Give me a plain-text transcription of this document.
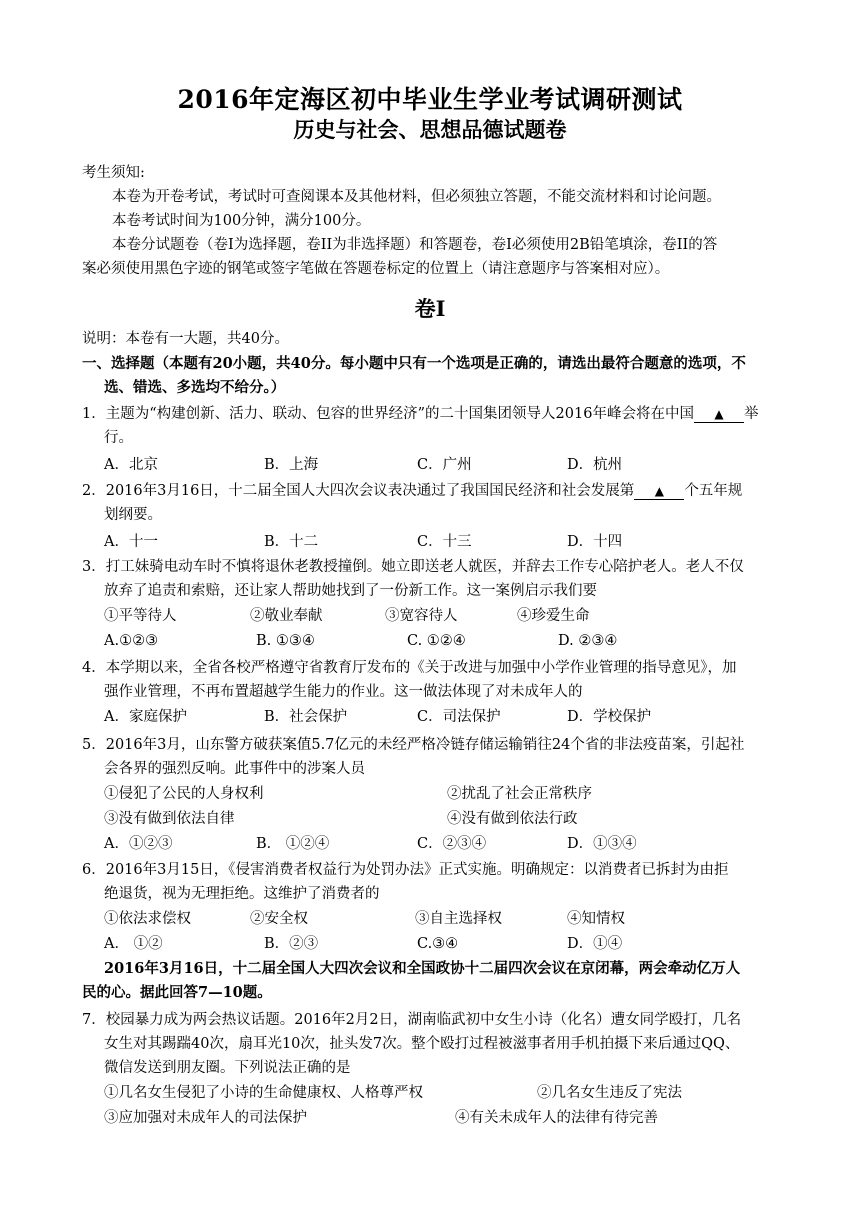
2016年定海区初中毕业生学业考试调研测试
历史与社会、思想品德试题卷
考生须知:
本卷为开卷考试，考试时可查阅课本及其他材料，但必须独立答题，不能交流材料和讨论问题。
本卷考试时间为100分钟，满分100分。
本卷分试题卷（卷I为选择题，卷II为非选择题）和答题卷，卷I必须使用2B铅笔填涂，卷II的答
案必须使用黑色字迹的钢笔或签字笔做在答题卷标定的位置上（请注意题序与答案相对应）。
卷I
说明：本卷有一大题，共40分。
一、选择题（本题有20小题，共40分。每小题中只有一个选项是正确的，请选出最符合题意的选项，不
选、错选、多选均不给分。）
1．主题为“构建创新、活力、联动、包容的世界经济”的二十国集团领导人2016年峰会将在中国 ▲ 举
行。
A．北京	B．上海	C．广州	D．杭州
2．2016年3月16日，十二届全国人大四次会议表决通过了我国国民经济和社会发展第 ▲ 个五年规
划纲要。
A．十一	B．十二	C．十三	D．十四
3．打工妹骑电动车时不慎将退休老教授撞倒。她立即送老人就医，并辞去工作专心陪护老人。老人不仅
放弃了追责和索赔，还让家人帮助她找到了一份新工作。这一案例启示我们要
①平等待人	②敬业奉献	③宽容待人	④珍爱生命
A.①②③	B. ①③④	C. ①②④	D. ②③④
4．本学期以来，全省各校严格遵守省教育厅发布的《关于改进与加强中小学作业管理的指导意见》，加
强作业管理，不再布置超越学生能力的作业。这一做法体现了对未成年人的
A．家庭保护	B．社会保护	C．司法保护	D．学校保护
5．2016年3月，山东警方破获案值5.7亿元的未经严格冷链存储运输销往24个省的非法疫苗案，引起社
会各界的强烈反响。此事件中的涉案人员
①侵犯了公民的人身权利	②扰乱了社会正常秩序
③没有做到依法自律	④没有做到依法行政
A．①②③	B． ①②④	C．②③④	D．①③④
6．2016年3月15日，《侵害消费者权益行为处罚办法》正式实施。明确规定：以消费者已拆封为由拒
绝退货，视为无理拒绝。这维护了消费者的
①依法求偿权	②安全权	③自主选择权	④知情权
A． ①②	B．②③	C.③④	D．①④
2016年3月16日，十二届全国人大四次会议和全国政协十二届四次会议在京闭幕，两会牵动亿万人
民的心。据此回答7—10题。
7．校园暴力成为两会热议话题。2016年2月2日，湖南临武初中女生小诗（化名）遭女同学殴打，几名
女生对其踢踹40次，扇耳光10次，扯头发7次。整个殴打过程被滋事者用手机拍摄下来后通过QQ、
微信发送到朋友圈。下列说法正确的是
①几名女生侵犯了小诗的生命健康权、人格尊严权	②几名女生违反了宪法
③应加强对未成年人的司法保护	④有关未成年人的法律有待完善
